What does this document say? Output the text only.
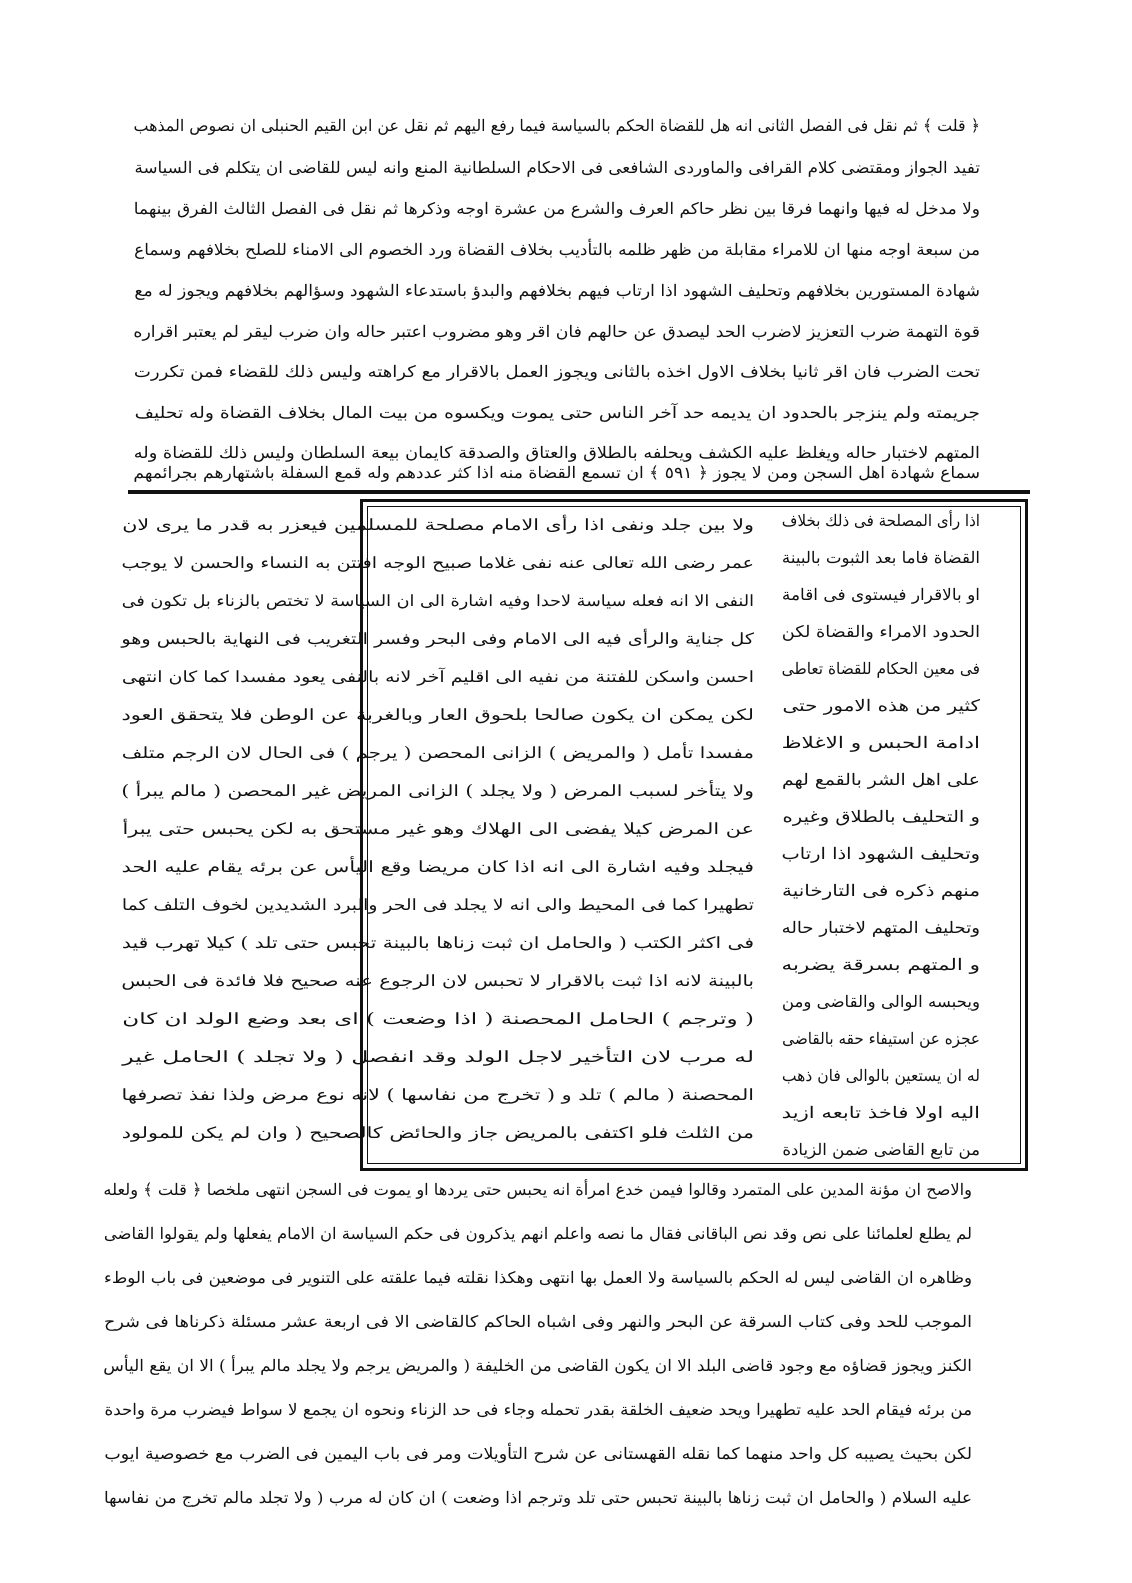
﴿ قلت ﴾ ثم نقل فى الفصل الثانى انه هل للقضاة الحكم بالسياسة فيما رفع اليهم ثم نقل عن ابن القيم الحنبلى ان نصوص المذهب
تفيد الجواز ومقتضى كلام القرافى والماوردى الشافعى فى الاحكام السلطانية المنع وانه ليس للقاضى ان يتكلم فى السياسة
ولا مدخل له فيها وانهما فرقا بين نظر حاكم العرف والشرع من عشرة اوجه وذكرها ثم نقل فى الفصل الثالث الفرق بينهما
من سبعة اوجه منها ان للامراء مقابلة من ظهر ظلمه بالتأديب بخلاف القضاة ورد الخصوم الى الامناء للصلح بخلافهم وسماع
شهادة المستورين بخلافهم وتحليف الشهود اذا ارتاب فيهم بخلافهم والبدؤ باستدعاء الشهود وسؤالهم بخلافهم ويجوز له مع
قوة التهمة ضرب التعزيز لاضرب الحد ليصدق عن حالهم فان اقر وهو مضروب اعتبر حاله وان ضرب ليقر لم يعتبر اقراره
تحت الضرب فان اقر ثانيا بخلاف الاول اخذه بالثانى ويجوز العمل بالاقرار مع كراهته وليس ذلك للقضاء فمن تكررت
جريمته ولم ينزجر بالحدود ان يديمه حد آخر الناس حتى يموت ويكسوه من بيت المال بخلاف القضاة وله تحليف
المتهم لاختبار حاله ويغلظ عليه الكشف ويحلفه بالطلاق والعتاق والصدقة كايمان بيعة السلطان وليس ذلك للقضاة وله
سماع شهادة اهل السجن ومن لا يجوز ﴿ ٥٩١ ﴾ ان تسمع القضاة منه اذا كثر عددهم وله قمع السفلة باشتهارهم بجرائمهم
اذا رأى المصلحة فى ذلك بخلاف
القضاة فاما بعد الثبوت بالبينة
او بالاقرار فيستوى فى اقامة
الحدود الامراء والقضاة لكن
فى معين الحكام للقضاة تعاطى
كثير من هذه الامور حتى
ادامة الحبس و الاغلاظ
على اهل الشر بالقمع لهم
و التحليف بالطلاق وغيره
وتحليف الشهود اذا ارتاب
منهم ذكره فى التارخانية
وتحليف المتهم لاختبار حاله
و المتهم بسرقة يضربه
ويحبسه الوالى والقاضى ومن
عجزه عن استيفاء حقه بالقاضى
له ان يستعين بالوالى فان ذهب
اليه اولا فاخذ تابعه ازيد
من تابع القاضى ضمن الزيادة
ولا بين جلد ونفى اذا رأى الامام مصلحة للمسلمين فيعزر به قدر ما يرى لان
عمر رضى الله تعالى عنه نفى غلاما صبيح الوجه افتتن به النساء والحسن لا يوجب
النفى الا انه فعله سياسة لاحدا وفيه اشارة الى ان السياسة لا تختص بالزناء بل تكون فى
كل جناية والرأى فيه الى الامام وفى البحر وفسر التغريب فى النهاية بالحبس وهو
احسن واسكن للفتنة من نفيه الى اقليم آخر لانه بالنفى يعود مفسدا كما كان انتهى
لكن يمكن ان يكون صالحا بلحوق العار وبالغربة عن الوطن فلا يتحقق العود
مفسدا تأمل ( والمريض ) الزانى المحصن ( يرجم ) فى الحال لان الرجم متلف
ولا يتأخر لسبب المرض ( ولا يجلد ) الزانى المريض غير المحصن ( مالم يبرأ )
عن المرض كيلا يفضى الى الهلاك وهو غير مستحق به لكن يحبس حتى يبرأ
فيجلد وفيه اشارة الى انه اذا كان مريضا وقع اليأس عن برئه يقام عليه الحد
تطهيرا كما فى المحيط والى انه لا يجلد فى الحر والبرد الشديدين لخوف التلف كما
فى اكثر الكتب ( والحامل ان ثبت زناها بالبينة تحبس حتى تلد ) كيلا تهرب قيد
بالبينة لانه اذا ثبت بالاقرار لا تحبس لان الرجوع عنه صحيح فلا فائدة فى الحبس
( وترجم ) الحامل المحصنة ( اذا وضعت ) اى بعد وضع الولد ان كان
له مرب لان التأخير لاجل الولد وقد انفصل ( ولا تجلد ) الحامل غير
المحصنة ( مالم ) تلد و ( تخرج من نفاسها ) لانه نوع مرض ولذا نفذ تصرفها
من الثلث فلو اكتفى بالمريض جاز والحائض كالصحيح ( وان لم يكن للمولود
والاصح ان مؤنة المدين على المتمرد وقالوا فيمن خدع امرأة انه يحبس حتى يردها او يموت فى السجن انتهى ملخصا ﴿ قلت ﴾ ولعله
لم يطلع لعلمائنا على نص وقد نص الباقانى فقال ما نصه واعلم انهم يذكرون فى حكم السياسة ان الامام يفعلها ولم يقولوا القاضى
وظاهره ان القاضى ليس له الحكم بالسياسة ولا العمل بها انتهى وهكذا نقلته فيما علقته على التنوير فى موضعين فى باب الوطء
الموجب للحد وفى كتاب السرقة عن البحر والنهر وفى اشباه الحاكم كالقاضى الا فى اربعة عشر مسئلة ذكرناها فى شرح
الكنز ويجوز قضاؤه مع وجود قاضى البلد الا ان يكون القاضى من الخليفة ( والمريض يرجم ولا يجلد مالم يبرأ ) الا ان يقع اليأس
من برئه فيقام الحد عليه تطهيرا ويحد ضعيف الخلقة بقدر تحمله وجاء فى حد الزناء ونحوه ان يجمع لا سواط فيضرب مرة واحدة
لكن بحيث يصيبه كل واحد منهما كما نقله القهستانى عن شرح التأويلات ومر فى باب اليمين فى الضرب مع خصوصية ايوب
عليه السلام ( والحامل ان ثبت زناها بالبينة تحبس حتى تلد وترجم اذا وضعت ) ان كان له مرب ( ولا تجلد مالم تخرج من نفاسها
